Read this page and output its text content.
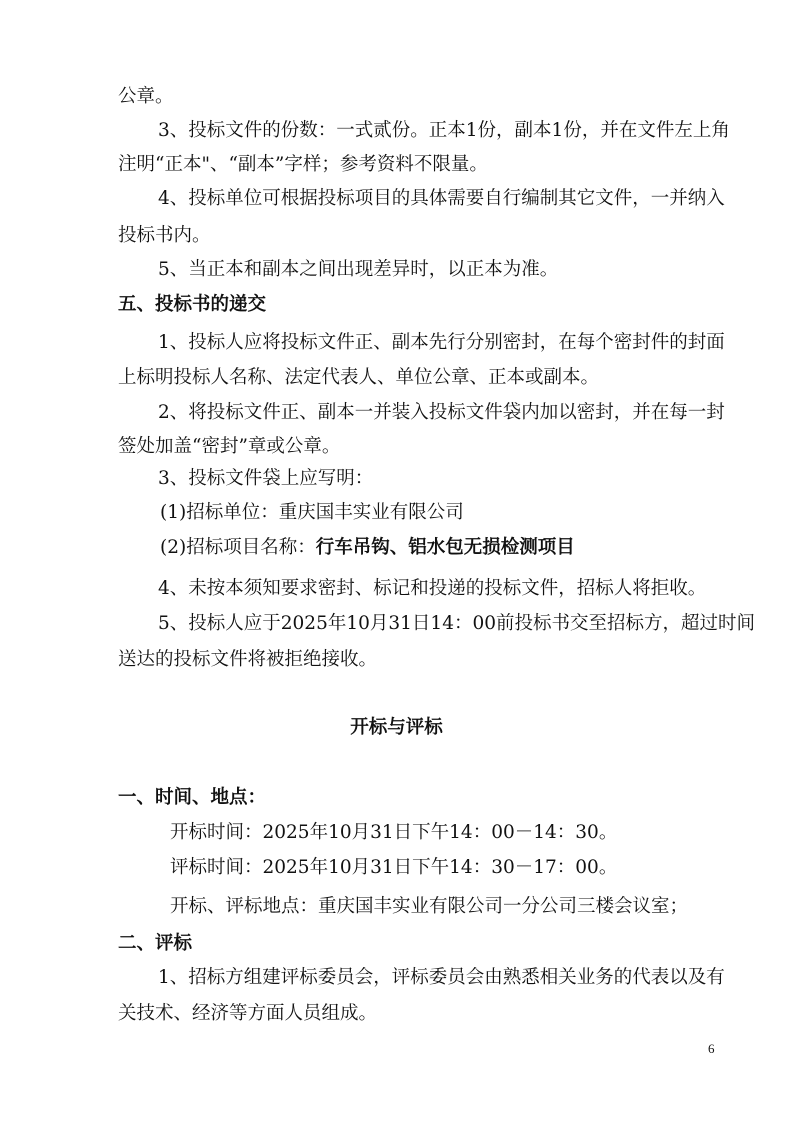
公章。
3、投标文件的份数：一式贰份。正本1份，副本1份，并在文件左上角
注明“正本"、“副本”字样；参考资料不限量。
4、投标单位可根据投标项目的具体需要自行编制其它文件，一并纳入
投标书内。
5、当正本和副本之间出现差异时，以正本为准。
五、投标书的递交
1、投标人应将投标文件正、副本先行分别密封，在每个密封件的封面
上标明投标人名称、法定代表人、单位公章、正本或副本。
2、将投标文件正、副本一并装入投标文件袋内加以密封，并在每一封
签处加盖“密封”章或公章。
3、投标文件袋上应写明：
(1)招标单位：重庆国丰实业有限公司
(2)招标项目名称：行车吊钩、铝水包无损检测项目
4、未按本须知要求密封、标记和投递的投标文件，招标人将拒收。
5、投标人应于2025年10月31日14：00前投标书交至招标方，超过时间
送达的投标文件将被拒绝接收。
开标与评标
一、时间、地点：
开标时间：2025年10月31日下午14：00－14：30。
评标时间：2025年10月31日下午14：30－17：00。
开标、评标地点：重庆国丰实业有限公司一分公司三楼会议室；
二、评标
1、招标方组建评标委员会，评标委员会由熟悉相关业务的代表以及有
关技术、经济等方面人员组成。
6
